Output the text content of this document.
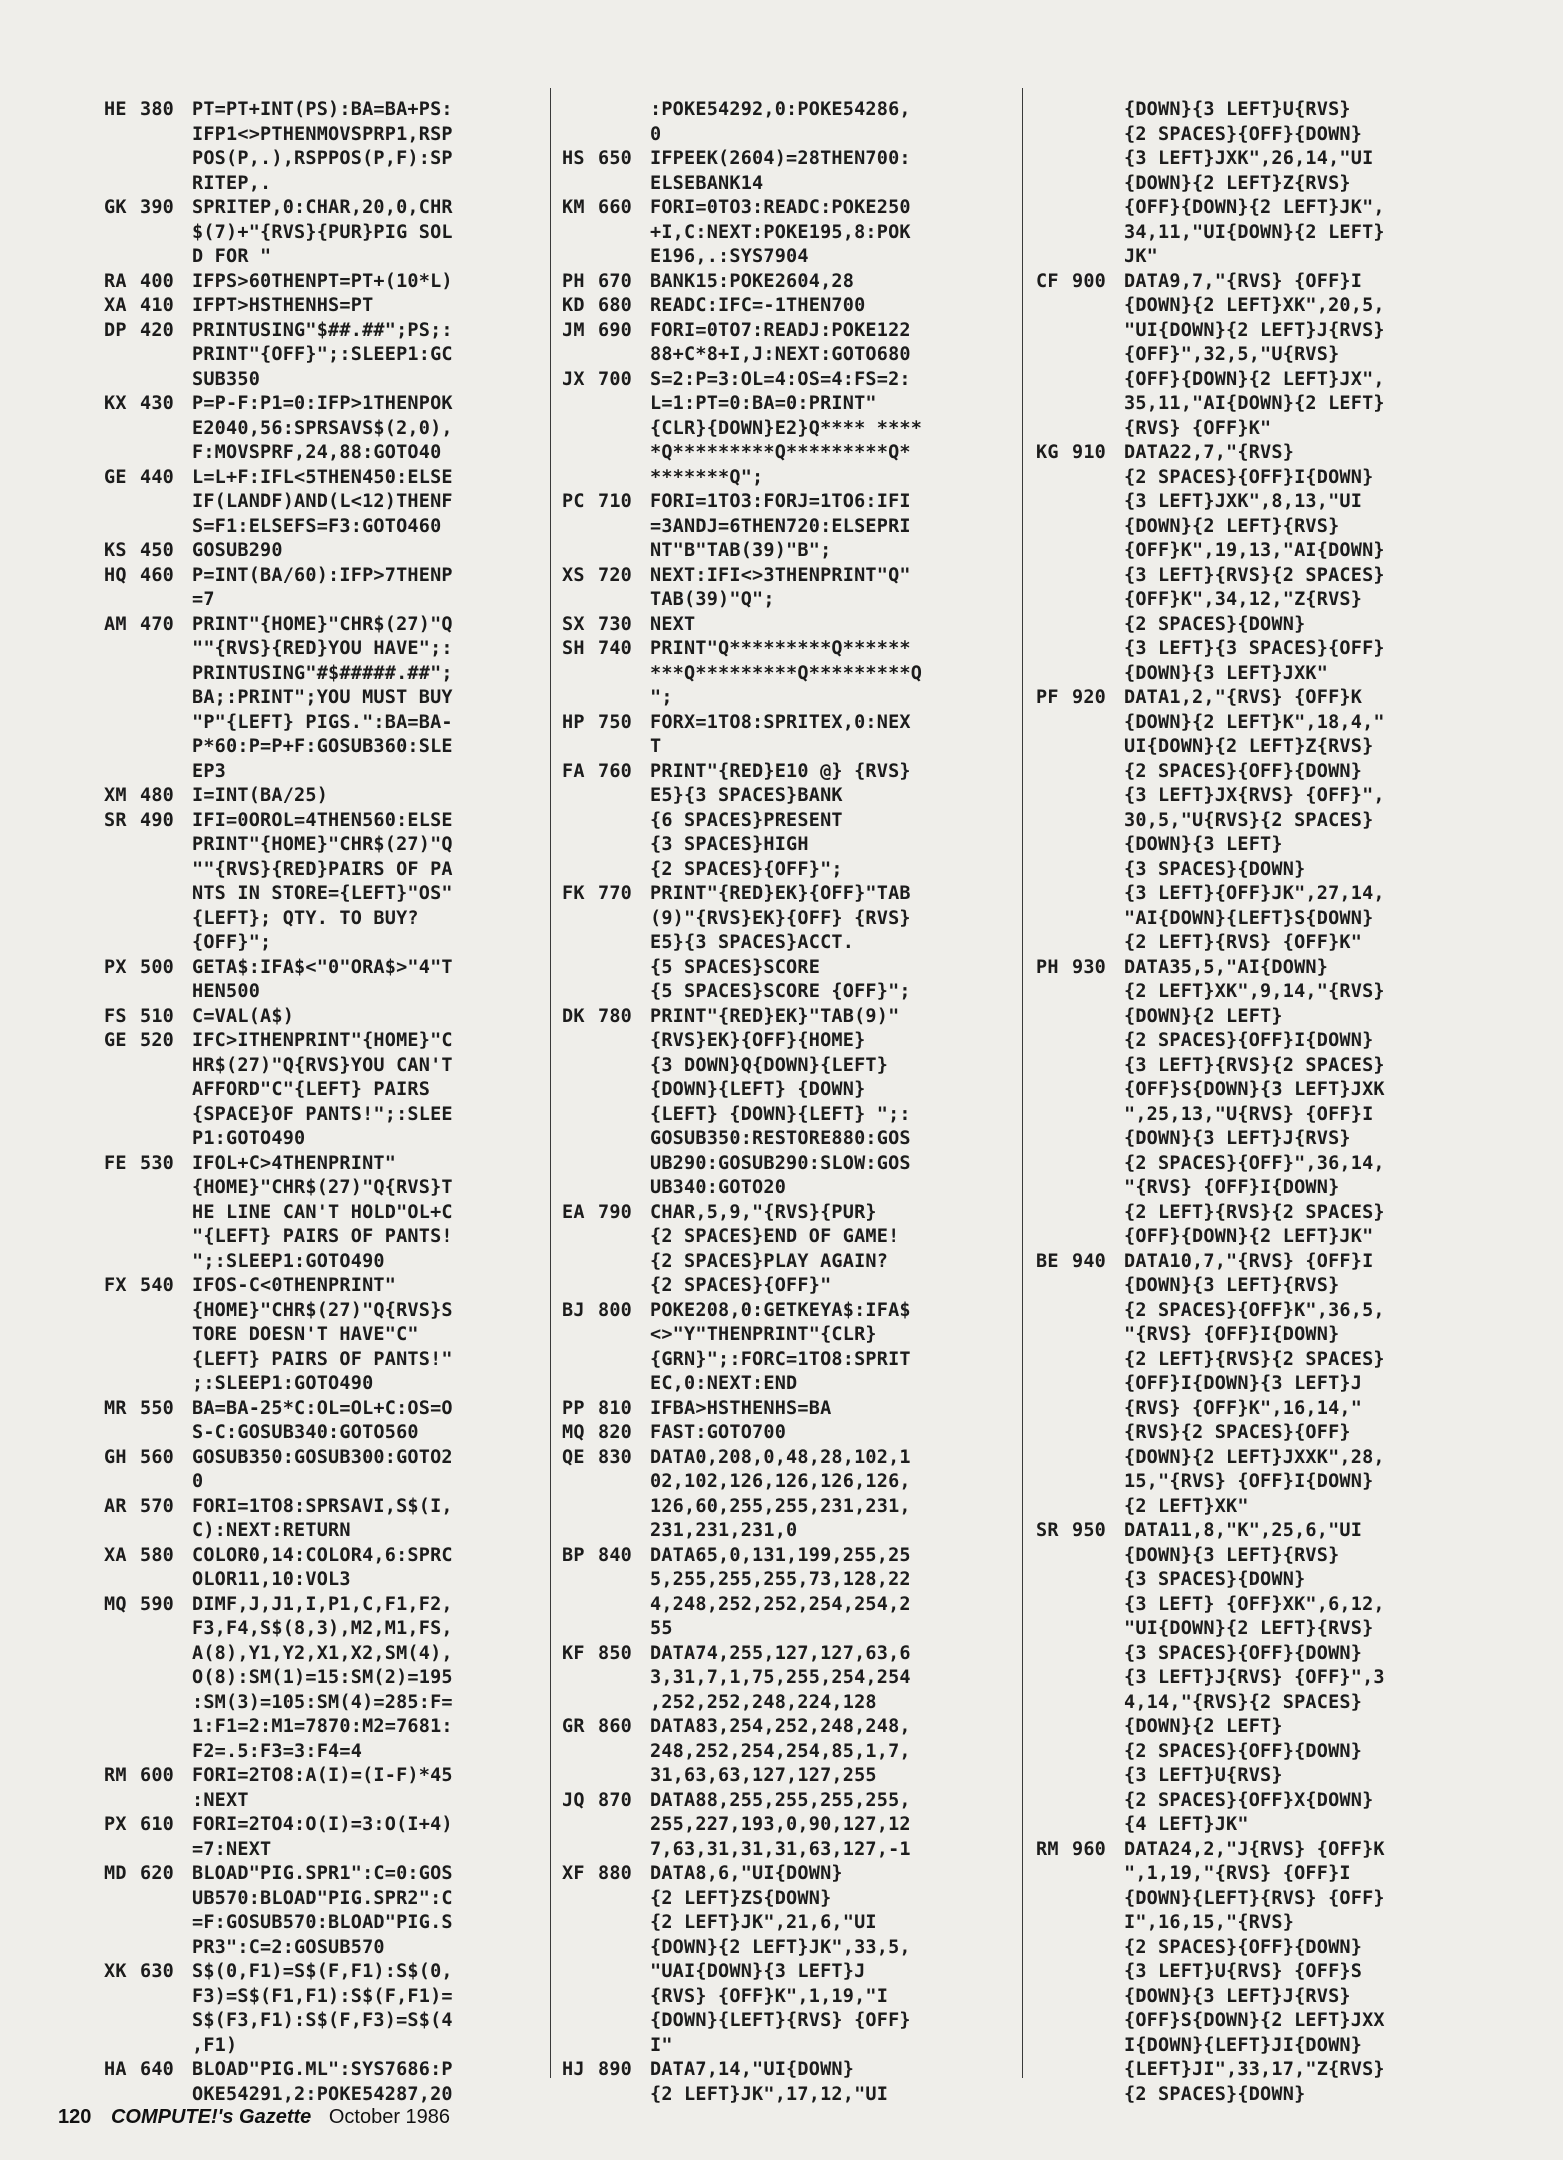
HE 380 PT=PT+INT(PS):BA=BA+PS:
IFP1<>PTHENMOVSPRP1,RSP
POS(P,.),RSPPOS(P,F):SP
RITEP,.
GK 390 SPRITEP,0:CHAR,20,0,CHR
$(7)+"{RVS}{PUR}PIG SOL
D FOR "
RA 400 IFPS>60THENPT=PT+(10*L)
XA 410 IFPT>HSTHENHS=PT
DP 420 PRINTUSING"$##.##";PS;:
PRINT"{OFF}";:SLEEP1:GC
SUB350
KX 430 P=P-F:P1=0:IFP>1THENPOK
E2040,56:SPRSAVS$(2,0),
F:MOVSPRF,24,88:GOTO40
GE 440 L=L+F:IFL<5THEN450:ELSE
IF(LANDF)AND(L<12)THENF
S=F1:ELSEFS=F3:GOTO460
KS 450 GOSUB290
HQ 460 P=INT(BA/60):IFP>7THENP
=7
AM 470 PRINT"{HOME}"CHR$(27)"Q
""{RVS}{RED}YOU HAVE";:
PRINTUSING"#$#####.##";
BA;:PRINT";YOU MUST BUY
"P"{LEFT} PIGS.":BA=BA-
P*60:P=P+F:GOSUB360:SLE
EP3
XM 480 I=INT(BA/25)
SR 490 IFI=0OROL=4THEN560:ELSE
PRINT"{HOME}"CHR$(27)"Q
""{RVS}{RED}PAIRS OF PA
NTS IN STORE={LEFT}"OS"
{LEFT}; QTY. TO BUY?
{OFF}";
PX 500 GETA$:IFA$<"0"ORA$>"4"T
HEN500
FS 510 C=VAL(A$)
GE 520 IFC>ITHENPRINT"{HOME}"C
HR$(27)"Q{RVS}YOU CAN'T
AFFORD"C"{LEFT} PAIRS
{SPACE}OF PANTS!";:SLEE
P1:GOTO490
FE 530 IFOL+C>4THENPRINT"
{HOME}"CHR$(27)"Q{RVS}T
HE LINE CAN'T HOLD"OL+C
"{LEFT} PAIRS OF PANTS!
";:SLEEP1:GOTO490
FX 540 IFOS-C<0THENPRINT"
{HOME}"CHR$(27)"Q{RVS}S
TORE DOESN'T HAVE"C"
{LEFT} PAIRS OF PANTS!"
;:SLEEP1:GOTO490
MR 550 BA=BA-25*C:OL=OL+C:OS=O
S-C:GOSUB340:GOTO560
GH 560 GOSUB350:GOSUB300:GOTO2
0
AR 570 FORI=1TO8:SPRSAVI,S$(I,
C):NEXT:RETURN
XA 580 COLOR0,14:COLOR4,6:SPRC
OLOR11,10:VOL3
MQ 590 DIMF,J,J1,I,P1,C,F1,F2,
F3,F4,S$(8,3),M2,M1,FS,
A(8),Y1,Y2,X1,X2,SM(4),
O(8):SM(1)=15:SM(2)=195
:SM(3)=105:SM(4)=285:F=
1:F1=2:M1=7870:M2=7681:
F2=.5:F3=3:F4=4
RM 600 FORI=2TO8:A(I)=(I-F)*45
:NEXT
PX 610 FORI=2TO4:O(I)=3:O(I+4)
=7:NEXT
MD 620 BLOAD"PIG.SPR1":C=0:GOS
UB570:BLOAD"PIG.SPR2":C
=F:GOSUB570:BLOAD"PIG.S
PR3":C=2:GOSUB570
XK 630 S$(0,F1)=S$(F,F1):S$(0,
F3)=S$(F1,F1):S$(F,F1)=
S$(F3,F1):S$(F,F3)=S$(4
,F1)
HA 640 BLOAD"PIG.ML":SYS7686:P
OKE54291,2:POKE54287,20
:POKE54292,0:POKE54286,
0
HS 650 IFPEEK(2604)=28THEN700:
ELSEBANK14
KM 660 FORI=0TO3:READC:POKE250
+I,C:NEXT:POKE195,8:POK
E196,.:SYS7904
PH 670 BANK15:POKE2604,28
KD 680 READC:IFC=-1THEN700
JM 690 FORI=0TO7:READJ:POKE122
88+C*8+I,J:NEXT:GOTO680
JX 700 S=2:P=3:OL=4:OS=4:FS=2:
L=1:PT=0:BA=0:PRINT"
{CLR}{DOWN}E2}Q**** ****
*Q*********Q*********Q*
*******Q";
PC 710 FORI=1TO3:FORJ=1TO6:IFI
=3ANDJ=6THEN720:ELSEPRI
NT"B"TAB(39)"B";
XS 720 NEXT:IFI<>3THENPRINT"Q"
TAB(39)"Q";
SX 730 NEXT
SH 740 PRINT"Q*********Q******
***Q*********Q*********Q
";
HP 750 FORX=1TO8:SPRITEX,0:NEX
T
FA 760 PRINT"{RED}E10 @} {RVS}
E5}{3 SPACES}BANK
{6 SPACES}PRESENT
{3 SPACES}HIGH
{2 SPACES}{OFF}";
FK 770 PRINT"{RED}EK}{OFF}"TAB
(9)"{RVS}EK}{OFF} {RVS}
E5}{3 SPACES}ACCT.
{5 SPACES}SCORE
{5 SPACES}SCORE {OFF}";
DK 780 PRINT"{RED}EK}"TAB(9)"
{RVS}EK}{OFF}{HOME}
{3 DOWN}Q{DOWN}{LEFT}
{DOWN}{LEFT} {DOWN}
{LEFT} {DOWN}{LEFT} ";:
GOSUB350:RESTORE880:GOS
UB290:GOSUB290:SLOW:GOS
UB340:GOTO20
EA 790 CHAR,5,9,"{RVS}{PUR}
{2 SPACES}END OF GAME!
{2 SPACES}PLAY AGAIN?
{2 SPACES}{OFF}"
BJ 800 POKE208,0:GETKEYA$:IFA$
<>"Y"THENPRINT"{CLR}
{GRN}";:FORC=1TO8:SPRIT
EC,0:NEXT:END
PP 810 IFBA>HSTHENHS=BA
MQ 820 FAST:GOTO700
QE 830 DATA0,208,0,48,28,102,1
02,102,126,126,126,126,
126,60,255,255,231,231,
231,231,231,0
BP 840 DATA65,0,131,199,255,25
5,255,255,255,73,128,22
4,248,252,252,254,254,2
55
KF 850 DATA74,255,127,127,63,6
3,31,7,1,75,255,254,254
,252,252,248,224,128
GR 860 DATA83,254,252,248,248,
248,252,254,254,85,1,7,
31,63,63,127,127,255
JQ 870 DATA88,255,255,255,255,
255,227,193,0,90,127,12
7,63,31,31,31,63,127,-1
XF 880 DATA8,6,"UI{DOWN}
{2 LEFT}ZS{DOWN}
{2 LEFT}JK",21,6,"UI
{DOWN}{2 LEFT}JK",33,5,
"UAI{DOWN}{3 LEFT}J
{RVS} {OFF}K",1,19,"I
{DOWN}{LEFT}{RVS} {OFF}
I"
HJ 890 DATA7,14,"UI{DOWN}
{2 LEFT}JK",17,12,"UI
{DOWN}{3 LEFT}U{RVS}
{2 SPACES}{OFF}{DOWN}
{3 LEFT}JXK",26,14,"UI
{DOWN}{2 LEFT}Z{RVS}
{OFF}{DOWN}{2 LEFT}JK",
34,11,"UI{DOWN}{2 LEFT}
JK"
CF 900 DATA9,7,"{RVS} {OFF}I
{DOWN}{2 LEFT}XK",20,5,
"UI{DOWN}{2 LEFT}J{RVS}
{OFF}",32,5,"U{RVS}
{OFF}{DOWN}{2 LEFT}JX",
35,11,"AI{DOWN}{2 LEFT}
{RVS} {OFF}K"
KG 910 DATA22,7,"{RVS}
{2 SPACES}{OFF}I{DOWN}
{3 LEFT}JXK",8,13,"UI
{DOWN}{2 LEFT}{RVS}
{OFF}K",19,13,"AI{DOWN}
{3 LEFT}{RVS}{2 SPACES}
{OFF}K",34,12,"Z{RVS}
{2 SPACES}{DOWN}
{3 LEFT}{3 SPACES}{OFF}
{DOWN}{3 LEFT}JXK"
PF 920 DATA1,2,"{RVS} {OFF}K
{DOWN}{2 LEFT}K",18,4,"
UI{DOWN}{2 LEFT}Z{RVS}
{2 SPACES}{OFF}{DOWN}
{3 LEFT}JX{RVS} {OFF}",
30,5,"U{RVS}{2 SPACES}
{DOWN}{3 LEFT}
{3 SPACES}{DOWN}
{3 LEFT}{OFF}JK",27,14,
"AI{DOWN}{LEFT}S{DOWN}
{2 LEFT}{RVS} {OFF}K"
PH 930 DATA35,5,"AI{DOWN}
{2 LEFT}XK",9,14,"{RVS}
{DOWN}{2 LEFT}
{2 SPACES}{OFF}I{DOWN}
{3 LEFT}{RVS}{2 SPACES}
{OFF}S{DOWN}{3 LEFT}JXK
",25,13,"U{RVS} {OFF}I
{DOWN}{3 LEFT}J{RVS}
{2 SPACES}{OFF}",36,14,
"{RVS} {OFF}I{DOWN}
{2 LEFT}{RVS}{2 SPACES}
{OFF}{DOWN}{2 LEFT}JK"
BE 940 DATA10,7,"{RVS} {OFF}I
{DOWN}{3 LEFT}{RVS}
{2 SPACES}{OFF}K",36,5,
"{RVS} {OFF}I{DOWN}
{2 LEFT}{RVS}{2 SPACES}
{OFF}I{DOWN}{3 LEFT}J
{RVS} {OFF}K",16,14,"
{RVS}{2 SPACES}{OFF}
{DOWN}{2 LEFT}JXXK",28,
15,"{RVS} {OFF}I{DOWN}
{2 LEFT}XK"
SR 950 DATA11,8,"K",25,6,"UI
{DOWN}{3 LEFT}{RVS}
{3 SPACES}{DOWN}
{3 LEFT} {OFF}XK",6,12,
"UI{DOWN}{2 LEFT}{RVS}
{3 SPACES}{OFF}{DOWN}
{3 LEFT}J{RVS} {OFF}",3
4,14,"{RVS}{2 SPACES}
{DOWN}{2 LEFT}
{2 SPACES}{OFF}{DOWN}
{3 LEFT}U{RVS}
{2 SPACES}{OFF}X{DOWN}
{4 LEFT}JK"
RM 960 DATA24,2,"J{RVS} {OFF}K
",1,19,"{RVS} {OFF}I
{DOWN}{LEFT}{RVS} {OFF}
I",16,15,"{RVS}
{2 SPACES}{OFF}{DOWN}
{3 LEFT}U{RVS} {OFF}S
{DOWN}{3 LEFT}J{RVS}
{OFF}S{DOWN}{2 LEFT}JXX
I{DOWN}{LEFT}JI{DOWN}
{LEFT}JI",33,17,"Z{RVS}
{2 SPACES}{DOWN}
120 COMPUTE!'s Gazette October 1986
